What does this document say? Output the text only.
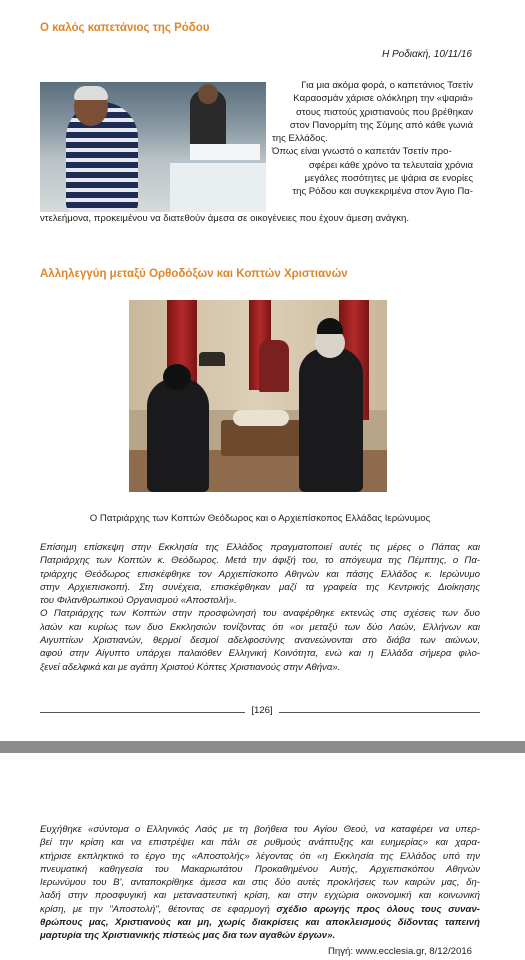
Ο καλός καπετάνιος της Ρόδου
Η Ροδιακή, 10/11/16
Για μια ακόμα φορά, ο καπετάνιος Τσετίν
Καραοσμάν χάρισε ολόκληρη την «ψαριά»
στους πιστούς χριστιανούς που βρέθηκαν
στον Πανορμίτη της Σύμης από κάθε γωνιά
της Ελλάδος.
Όπως είναι γνωστό ο καπετάν Τσετίν προ-
σφέρει κάθε χρόνο τα τελευταία χρόνια
μεγάλες ποσότητες με ψάρια σε ενορίες
της Ρόδου και συγκεκριμένα στον Άγιο Πα-
ντελεήμονα, προκειμένου να διατεθούν άμεσα σε οικογένειες που έχουν άμεση ανάγκη.
Αλληλεγγύη μεταξύ Ορθοδόξων και Κοπτών Χριστιανών
Ο Πατριάρχης των Κοπτών Θεόδωρος και ο Αρχιεπίσκοπος Ελλάδας Ιερώνυμος
Επίσημη επίσκεψη στην Εκκλησία της Ελλάδος πραγματοποιεί αυτές τις μέρες ο Πάπας και
Πατριάρχης των Κοπτών κ. Θεόδωρος. Μετά την άφιξή του, το απόγευμα της Πέμπτης, ο Πα-
τριάρχης Θεόδωρος επισκέφθηκε τον Αρχιεπίσκοπο Αθηνών και πάσης Ελλάδος κ. Ιερώνυμο
στην Αρχιεπισκοπή. Στη συνέχεια, επισκέφθηκαν μαζί τα γραφεία της Κεντρικής Διοίκησης
του Φιλανθρωπικού Οργανισμού «Αποστολή».
Ο Πατριάρχης των Κοπτών στην προσφώνησή του αναφέρθηκε εκτενώς στις σχέσεις των δυο
λαών και κυρίως των δυο Εκκλησιών τονίζοντας ότι «οι μεταξύ των δύο Λαών, Ελλήνων και
Αιγυπτίων Χριστιανών, θερμοί δεσμοί αδελφοσύνης ανανεώνονται στο διάβα των αιώνων,
αφού στην Αίγυπτο υπάρχει παλαιόθεν Ελληνική Κοινότητα, ενώ και η Ελλάδα σήμερα φιλο-
ξενεί αδελφικά και με αγάπη Χριστού Κόπτες Χριστιανούς στην Αθήνα».
[126]
Ευχήθηκε «σύντομα ο Ελληνικός Λαός με τη βοήθεια του Αγίου Θεού, να καταφέρει να υπερ-
βεί την κρίση και να επιστρέψει και πάλι σε ρυθμούς ανάπτυξης και ευημερίας» και χαρα-
κτήρισε εκπληκτικό το έργο της «Αποστολής» λέγοντας ότι «η Εκκλησία της Ελλάδος υπό την
πνευματική καθηγεσία του Μακαριωτάτου Προκαθημένου Αυτής, Αρχιεπισκόπου Αθηνών
Ιερωνύμου του Β', ανταποκρίθηκε άμεσα και στις δύο αυτές προκλήσεις των καιρών μας, δη-
λαδή στην προσφυγική και μεταναστευτική κρίση, και στην εγχώρια οικονομική και κοινωνική
κρίση, με την "Αποστολή", θέτοντας σε εφαρμογή σχέδιο αρωγής προς όλους τους συναν-
θρώπους μας, Χριστιανούς και μη, χωρίς διακρίσεις και αποκλεισμούς δίδοντας ταπεινή
μαρτυρία της Χριστιανικής πίστεώς μας δια των αγαθών έργων».
Πηγή: www.ecclesia.gr, 8/12/2016
